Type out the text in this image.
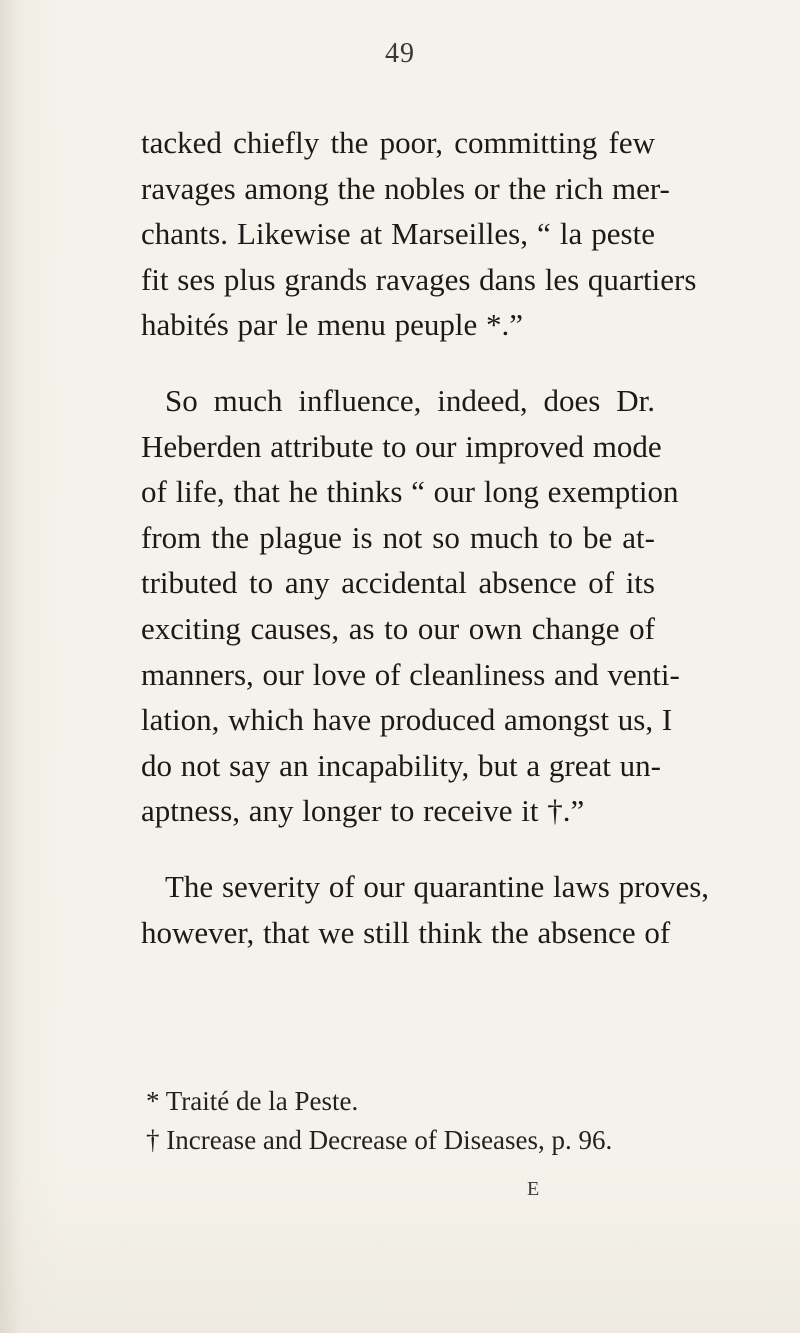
49

tacked chiefly the poor, committing few
ravages among the nobles or the rich mer-
chants. Likewise at Marseilles, “ la peste
fit ses plus grands ravages dans les quartiers
habités par le menu peuple *.”

So much influence, indeed, does Dr.
Heberden attribute to our improved mode
of life, that he thinks “ our long exemption
from the plague is not so much to be at-
tributed to any accidental absence of its
exciting causes, as to our own change of
manners, our love of cleanliness and venti-
lation, which have produced amongst us, I
do not say an incapability, but a great un-
aptness, any longer to receive it †.”

The severity of our quarantine laws proves,
however, that we still think the absence of

* Traité de la Peste.
† Increase and Decrease of Diseases, p. 96.
E
